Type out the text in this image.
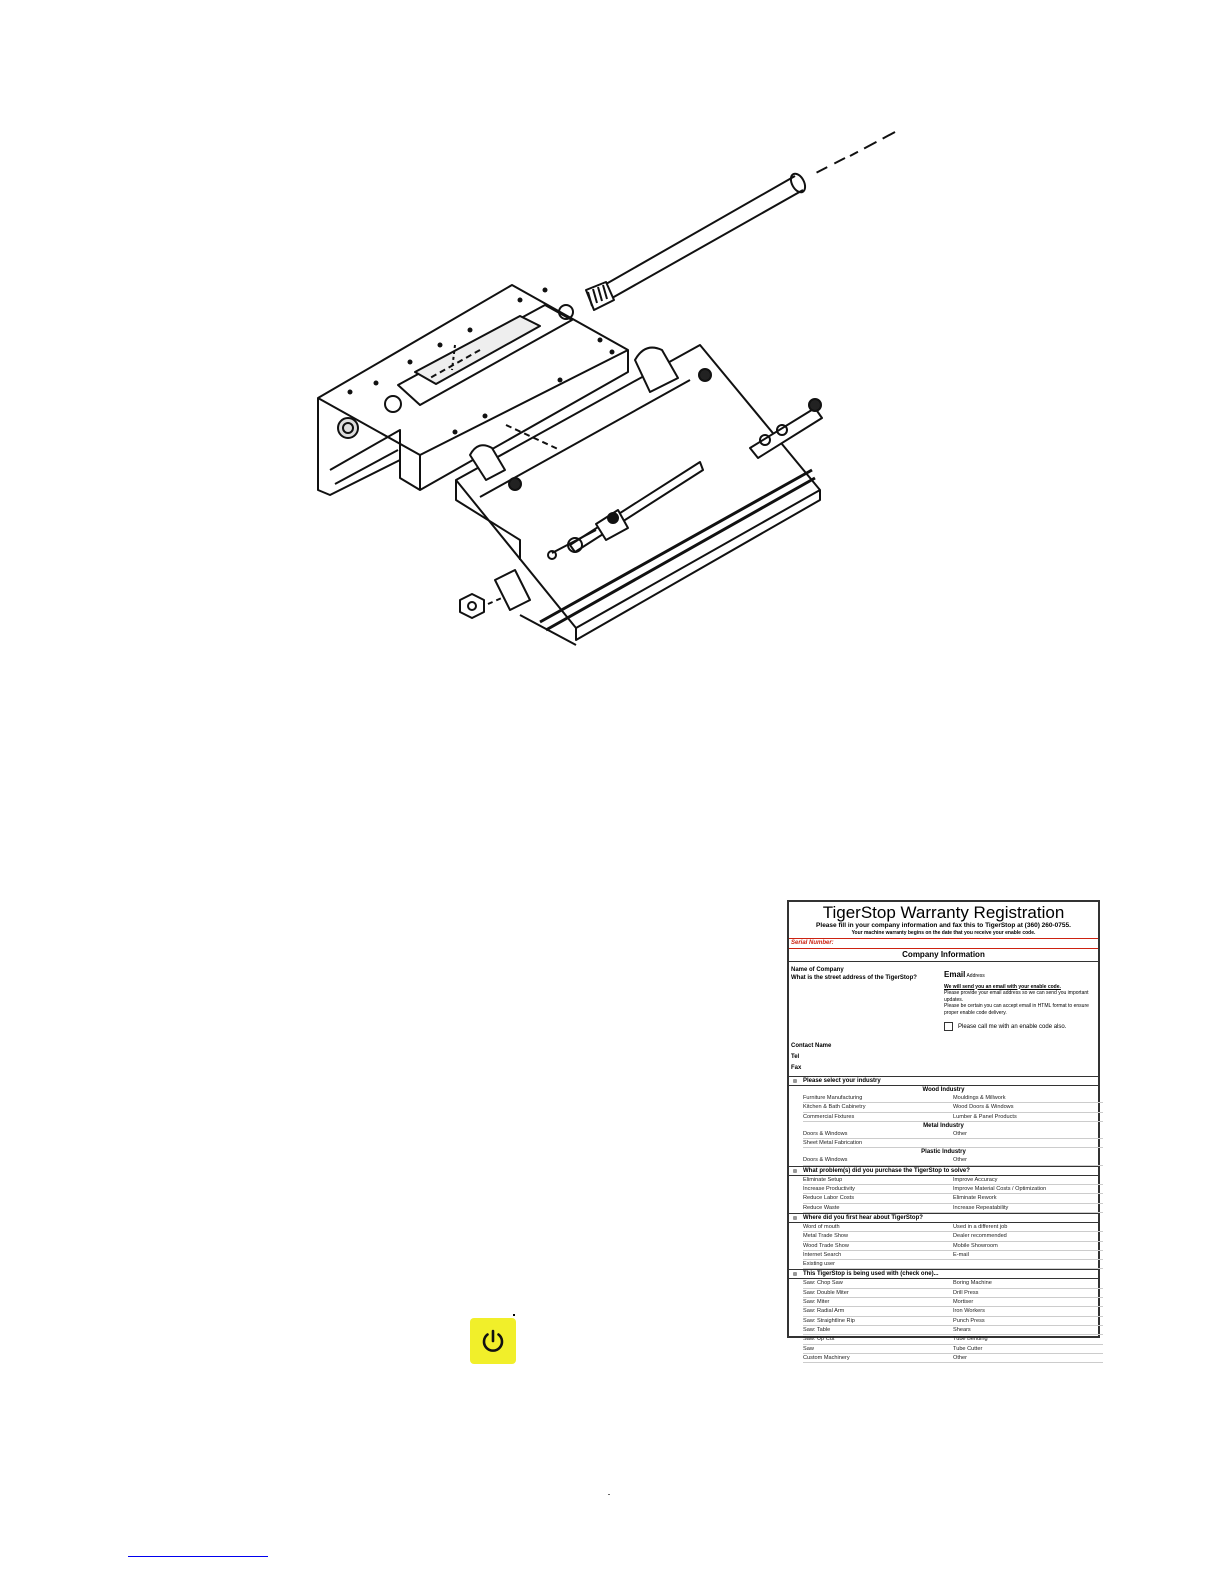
TigerStop Warranty Registration
Please fill in your company information and fax this to TigerStop at (360) 260-0755.
Your machine warranty begins on the date that you receive your enable code.
Serial Number:
Company Information
Name of Company
What is the street address of the TigerStop?	Email Address
We will send you an email with your enable code.
Please provide your email address so we can send you important updates.
Please be certain you can accept email in HTML format to ensure proper enable code delivery.
Please call me with an enable code also.
Contact Name
Tel
Fax
Please select your industry
Wood Industry
Furniture Manufacturing	Mouldings & Millwork
Kitchen & Bath Cabinetry	Wood Doors & Windows
Commercial Fixtures	Lumber & Panel Products
Metal Industry
Doors & Windows	Other
Sheet Metal Fabrication
Plastic Industry
Doors & Windows	Other
What problem(s) did you purchase the TigerStop to solve?
Eliminate Setup	Improve Accuracy
Increase Productivity	Improve Material Costs / Optimization
Reduce Labor Costs	Eliminate Rework
Reduce Waste	Increase Repeatability
Where did you first hear about TigerStop?
Word of mouth	Used in a different job
Metal Trade Show	Dealer recommended
Wood Trade Show	Mobile Showroom
Internet Search	E-mail
Existing user
This TigerStop is being used with (check one)...
Saw: Chop Saw	Boring Machine
Saw: Double Miter	Drill Press
Saw: Miter	Mortiser
Saw: Radial Arm	Iron Workers
Saw: Straightline Rip	Punch Press
Saw: Table	Shears
Saw: Up Cut	Tube Bending
Saw	Tube Cutter
Custom Machinery	Other
